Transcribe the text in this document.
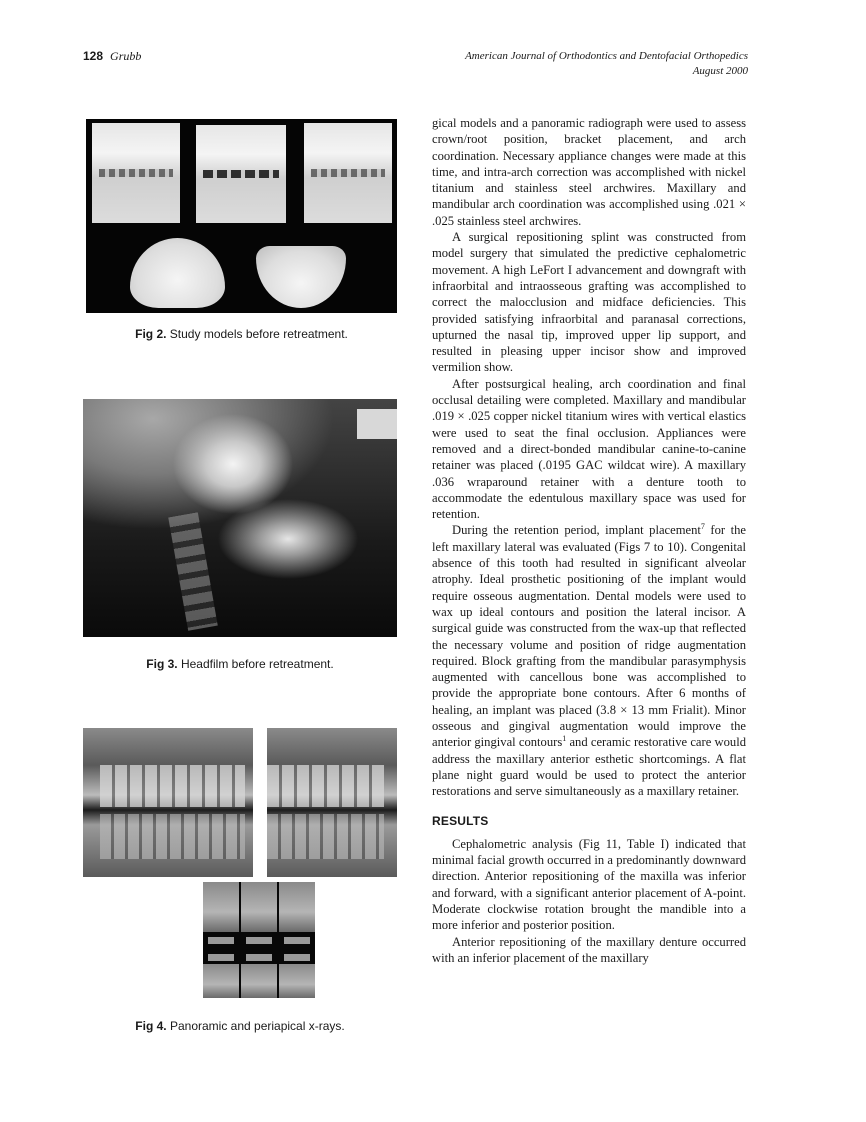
128 Grubb	American Journal of Orthodontics and Dentofacial Orthopedics
August 2000
Fig 2. Study models before retreatment.
Fig 3. Headfilm before retreatment.
Fig 4. Panoramic and periapical x-rays.

gical models and a panoramic radiograph were used to assess crown/root position, bracket placement, and arch coordination. Necessary appliance changes were made at this time, and intra-arch correction was accomplished with nickel titanium and stainless steel archwires. Maxillary and mandibular arch coordination was accomplished using .021 × .025 stainless steel archwires.

A surgical repositioning splint was constructed from model surgery that simulated the predictive cephalometric movement. A high LeFort I advancement and downgraft with infraorbital and intraosseous grafting was accomplished to correct the malocclusion and midface deficiencies. This provided satisfying infraorbital and paranasal corrections, upturned the nasal tip, improved upper lip support, and resulted in pleasing upper incisor show and improved vermilion show.

After postsurgical healing, arch coordination and final occlusal detailing were completed. Maxillary and mandibular .019 × .025 copper nickel titanium wires with vertical elastics were used to seat the final occlusion. Appliances were removed and a direct-bonded mandibular canine-to-canine retainer was placed (.0195 GAC wildcat wire). A maxillary .036 wraparound retainer with a denture tooth to accommodate the edentulous maxillary space was used for retention.

During the retention period, implant placement$^7$ for the left maxillary lateral was evaluated (Figs 7 to 10). Congenital absence of this tooth had resulted in significant alveolar atrophy. Ideal prosthetic positioning of the implant would require osseous augmentation. Dental models were used to wax up ideal contours and position the lateral incisor. A surgical guide was constructed from the wax-up that reflected the necessary volume and position of ridge augmentation required. Block grafting from the mandibular parasymphysis augmented with cancellous bone was accomplished to provide the appropriate bone contours. After 6 months of healing, an implant was placed (3.8 × 13 mm Frialit). Minor osseous and gingival augmentation would improve the anterior gingival contours$^1$ and ceramic restorative care would address the maxillary anterior esthetic shortcomings. A flat plane night guard would be used to protect the anterior restorations and serve simultaneously as a maxillary retainer.

RESULTS

Cephalometric analysis (Fig 11, Table I) indicated that minimal facial growth occurred in a predominantly downward direction. Anterior repositioning of the maxilla was inferior and forward, with a significant anterior placement of A-point. Moderate clockwise rotation brought the mandible into a more inferior and posterior position.

Anterior repositioning of the maxillary denture occurred with an inferior placement of the maxillary
